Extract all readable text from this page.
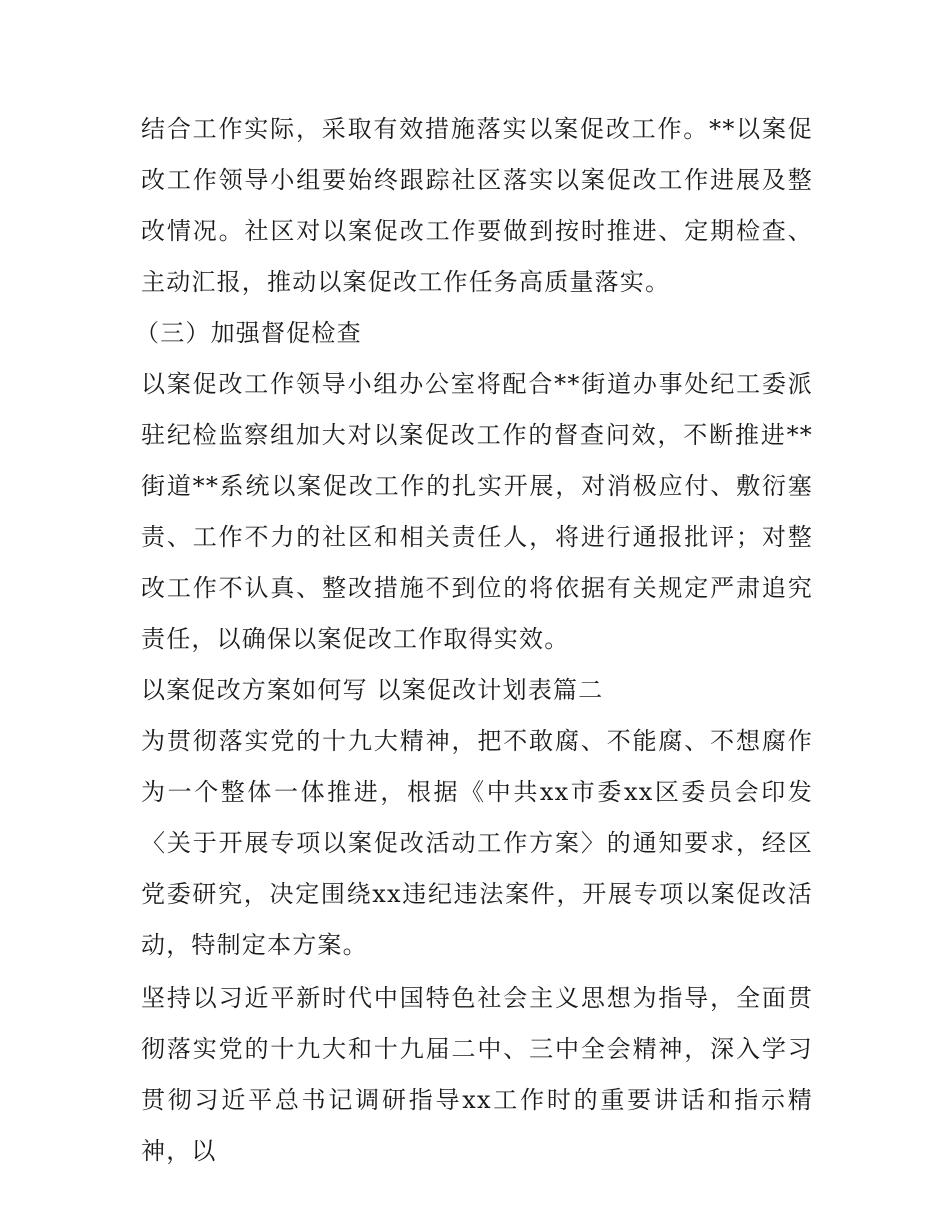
结合工作实际，采取有效措施落实以案促改工作。**以案促改工作领导小组要始终跟踪社区落实以案促改工作进展及整改情况。社区对以案促改工作要做到按时推进、定期检查、主动汇报，推动以案促改工作任务高质量落实。

（三）加强督促检查

以案促改工作领导小组办公室将配合**街道办事处纪工委派驻纪检监察组加大对以案促改工作的督查问效，不断推进**街道**系统以案促改工作的扎实开展，对消极应付、敷衍塞责、工作不力的社区和相关责任人，将进行通报批评；对整改工作不认真、整改措施不到位的将依据有关规定严肃追究责任，以确保以案促改工作取得实效。

以案促改方案如何写 以案促改计划表篇二

为贯彻落实党的十九大精神，把不敢腐、不能腐、不想腐作为一个整体一体推进，根据《中共xx市委xx区委员会印发〈关于开展专项以案促改活动工作方案〉的通知要求，经区党委研究，决定围绕xx违纪违法案件，开展专项以案促改活动，特制定本方案。

坚持以习近平新时代中国特色社会主义思想为指导，全面贯彻落实党的十九大和十九届二中、三中全会精神，深入学习贯彻习近平总书记调研指导xx工作时的重要讲话和指示精神，以
